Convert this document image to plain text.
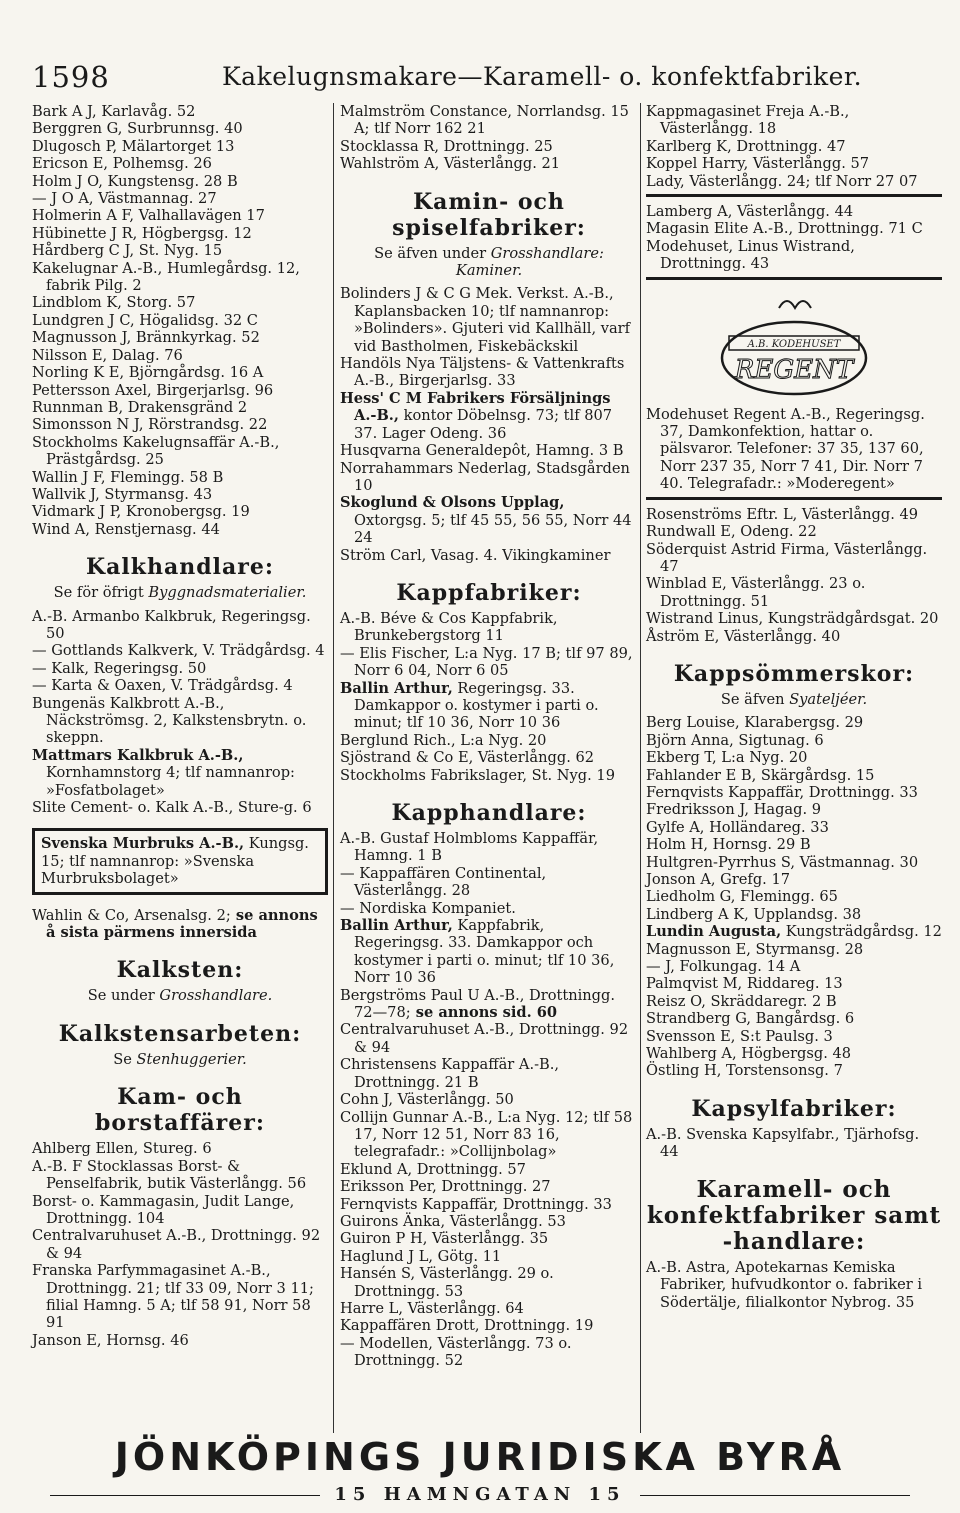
1598	Kakelugnsmakare—Karamell- o. konfektfabriker.

Bark A J, Karlavåg. 52

Berggren G, Surbrunnsg. 40

Dlugosch P, Mälartorget 13

Ericson E, Polhemsg. 26

Holm J O, Kungstensg. 28 B

— J O A, Västmannag. 27

Holmerin A F, Valhallavägen 17

Hübinette J R, Högbergsg. 12

Hårdberg C J, St. Nyg. 15

Kakelugnar A.-B., Humlegårdsg. 12, fabrik Pilg. 2

Lindblom K, Storg. 57

Lundgren J C, Högalidsg. 32 C

Magnusson J, Brännkyrkag. 52

Nilsson E, Dalag. 76

Norling K E, Björngårdsg. 16 A

Pettersson Axel, Birgerjarlsg. 96

Runnman B, Drakensgränd 2

Simonsson N J, Rörstrandsg. 22

Stockholms Kakelugnsaffär A.-B., Prästgårdsg. 25

Wallin J F, Flemingg. 58 B

Wallvik J, Styrmansg. 43

Vidmark J P, Kronobergsg. 19

Wind A, Renstjernasg. 44

Kalkhandlare:

Se för öfrigt Byggnadsmaterialier.

A.-B. Armanbo Kalkbruk, Regeringsg. 50

— Gottlands Kalkverk, V. Trädgårdsg. 4

— Kalk, Regeringsg. 50

— Karta & Oaxen, V. Trädgårdsg. 4

Bungenäs Kalkbrott A.-B., Näckströmsg. 2, Kalkstensbrytn. o. skeppn.

Mattmars Kalkbruk A.-B., Kornhamnstorg 4; tlf namnanrop: »Fosfatbolaget»

Slite Cement- o. Kalk A.-B., Sture-g. 6

Svenska Murbruks A.-B., Kungsg. 15; tlf namnanrop: »Svenska Murbruksbolaget»

Wahlin & Co, Arsenalsg. 2; se annons å sista pärmens innersida

Kalksten:

Se under Grosshandlare.

Kalkstensarbeten:

Se Stenhuggerier.

Kam- och borstaffärer:

Ahlberg Ellen, Stureg. 6

A.-B. F Stocklassas Borst- & Penselfabrik, butik Västerlångg. 56

Borst- o. Kammagasin, Judit Lange, Drottningg. 104

Centralvaruhuset A.-B., Drottningg. 92 & 94

Franska Parfymmagasinet A.-B., Drottningg. 21; tlf 33 09, Norr 3 11; filial Hamng. 5 A; tlf 58 91, Norr 58 91

Janson E, Hornsg. 46

Malmström Constance, Norrlandsg. 15 A; tlf Norr 162 21

Stocklassa R, Drottningg. 25

Wahlström A, Västerlångg. 21

Kamin- och spiselfabriker:

Se äfven under Grosshandlare: Kaminer.

Bolinders J & C G Mek. Verkst. A.-B., Kaplansbacken 10; tlf namnanrop: »Bolinders». Gjuteri vid Kallhäll, varf vid Bastholmen, Fiskebäckskil

Handöls Nya Täljstens- & Vattenkrafts A.-B., Birgerjarlsg. 33

Hess' C M Fabrikers Försäljnings A.-B., kontor Döbelnsg. 73; tlf 807 37. Lager Odeng. 36

Husqvarna Generaldepôt, Hamng. 3 B

Norrahammars Nederlag, Stadsgården 10

Skoglund & Olsons Upplag, Oxtorgsg. 5; tlf 45 55, 56 55, Norr 44 24

Ström Carl, Vasag. 4. Vikingkaminer

Kappfabriker:

A.-B. Béve & Cos Kappfabrik, Brunkebergstorg 11

— Elis Fischer, L:a Nyg. 17 B; tlf 97 89, Norr 6 04, Norr 6 05

Ballin Arthur, Regeringsg. 33. Damkappor o. kostymer i parti o. minut; tlf 10 36, Norr 10 36

Berglund Rich., L:a Nyg. 20

Sjöstrand & Co E, Västerlångg. 62

Stockholms Fabrikslager, St. Nyg. 19

Kapphandlare:

A.-B. Gustaf Holmbloms Kappaffär, Hamng. 1 B

— Kappaffären Continental, Västerlångg. 28

— Nordiska Kompaniet.

Ballin Arthur, Kappfabrik, Regeringsg. 33. Damkappor och kostymer i parti o. minut; tlf 10 36, Norr 10 36

Bergströms Paul U A.-B., Drottningg. 72—78; se annons sid. 60

Centralvaruhuset A.-B., Drottningg. 92 & 94

Christensens Kappaffär A.-B., Drottningg. 21 B

Cohn J, Västerlångg. 50

Collijn Gunnar A.-B., L:a Nyg. 12; tlf 58 17, Norr 12 51, Norr 83 16, telegrafadr.: »Collijnbolag»

Eklund A, Drottningg. 57

Eriksson Per, Drottningg. 27

Fernqvists Kappaffär, Drottningg. 33

Guirons Änka, Västerlångg. 53

Guiron P H, Västerlångg. 35

Haglund J L, Götg. 11

Hansén S, Västerlångg. 29 o. Drottningg. 53

Harre L, Västerlångg. 64

Kappaffären Drott, Drottningg. 19

— Modellen, Västerlångg. 73 o. Drottningg. 52

Kappmagasinet Freja A.-B., Västerlångg. 18

Karlberg K, Drottningg. 47

Koppel Harry, Västerlångg. 57

Lady, Västerlångg. 24; tlf Norr 27 07

Lamberg A, Västerlångg. 44

Magasin Elite A.-B., Drottningg. 71 C

Modehuset, Linus Wistrand, Drottningg. 43

A.B. KODEHUSET
REGENT

Modehuset Regent A.-B., Regeringsg. 37, Damkonfektion, hattar o. pälsvaror. Telefoner: 37 35, 137 60, Norr 237 35, Norr 7 41, Dir. Norr 7 40. Telegrafadr.: »Moderegent»

Rosenströms Eftr. L, Västerlångg. 49

Rundwall E, Odeng. 22

Söderquist Astrid Firma, Västerlångg. 47

Winblad E, Västerlångg. 23 o. Drottningg. 51

Wistrand Linus, Kungsträdgårdsgat. 20

Åström E, Västerlångg. 40

Kappsömmerskor:

Se äfven Syateljéer.

Berg Louise, Klarabergsg. 29

Björn Anna, Sigtunag. 6

Ekberg T, L:a Nyg. 20

Fahlander E B, Skärgårdsg. 15

Fernqvists Kappaffär, Drottningg. 33

Fredriksson J, Hagag. 9

Gylfe A, Holländareg. 33

Holm H, Hornsg. 29 B

Hultgren-Pyrrhus S, Västmannag. 30

Jonson A, Grefg. 17

Liedholm G, Flemingg. 65

Lindberg A K, Upplandsg. 38

Lundin Augusta, Kungsträdgårdsg. 12

Magnusson E, Styrmansg. 28

— J, Folkungag. 14 A

Palmqvist M, Riddareg. 13

Reisz O, Skräddaregr. 2 B

Strandberg G, Bangårdsg. 6

Svensson E, S:t Paulsg. 3

Wahlberg A, Högbergsg. 48

Östling H, Torstensonsg. 7

Kapsylfabriker:

A.-B. Svenska Kapsylfabr., Tjärhofsg. 44

Karamell- och konfektfabriker samt -handlare:

A.-B. Astra, Apotekarnas Kemiska Fabriker, hufvudkontor o. fabriker i Södertälje, filialkontor Nybrog. 35

JÖNKÖPINGS JURIDISKA BYRÅ
15 HAMNGATAN 15
